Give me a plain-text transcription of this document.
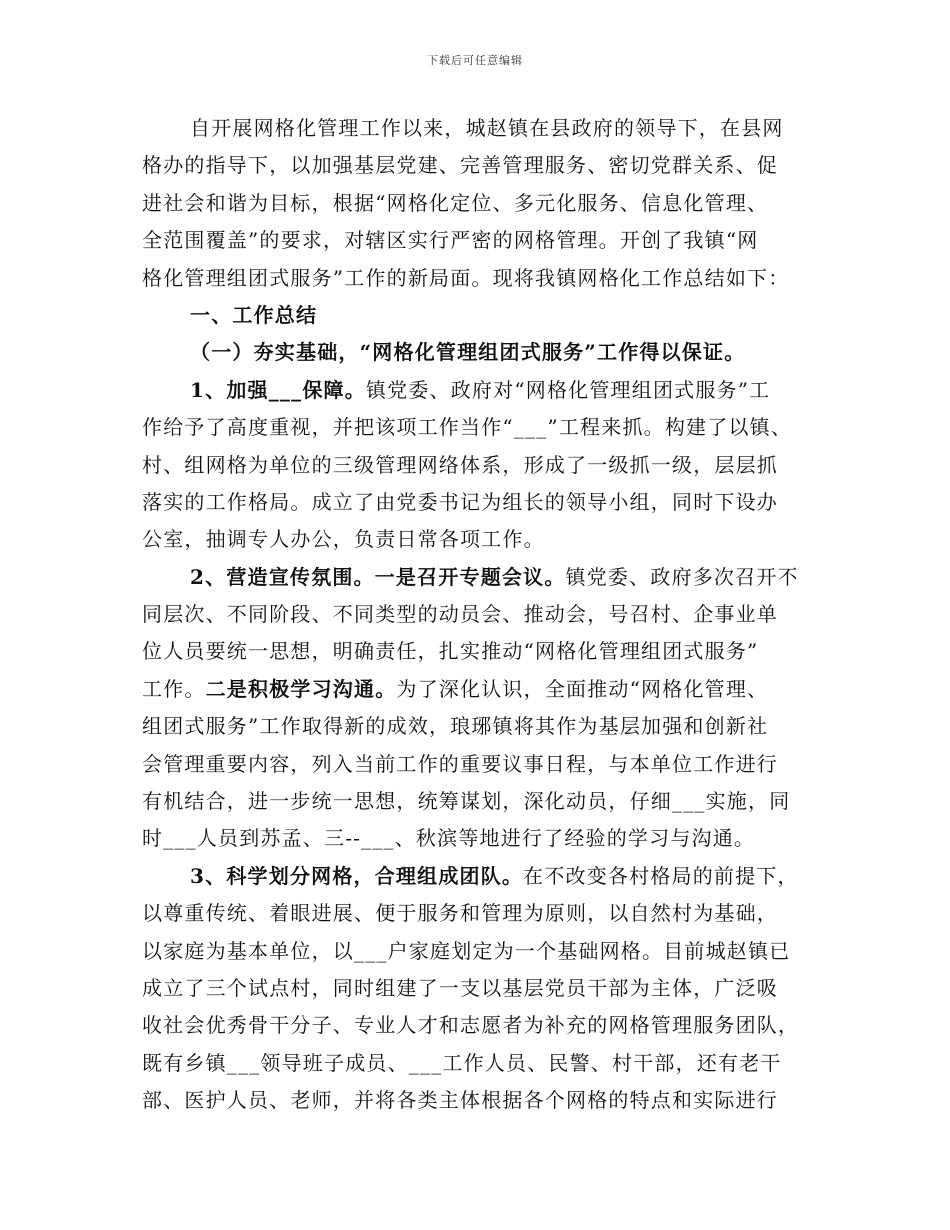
下载后可任意编辑
自开展网格化管理工作以来，城赵镇在县政府的领导下，在县网
格办的指导下，以加强基层党建、完善管理服务、密切党群关系、促
进社会和谐为目标，根据“网格化定位、多元化服务、信息化管理、
全范围覆盖”的要求，对辖区实行严密的网格管理。开创了我镇“网
格化管理组团式服务”工作的新局面。现将我镇网格化工作总结如下：
一、工作总结
（一）夯实基础，“网格化管理组团式服务”工作得以保证。
1、加强___保障。镇党委、政府对“网格化管理组团式服务”工
作给予了高度重视，并把该项工作当作“___”工程来抓。构建了以镇、
村、组网格为单位的三级管理网络体系，形成了一级抓一级，层层抓
落实的工作格局。成立了由党委书记为组长的领导小组，同时下设办
公室，抽调专人办公，负责日常各项工作。
2、营造宣传氛围。一是召开专题会议。镇党委、政府多次召开不
同层次、不同阶段、不同类型的动员会、推动会，号召村、企事业单
位人员要统一思想，明确责任，扎实推动“网格化管理组团式服务”
工作。二是积极学习沟通。为了深化认识，全面推动“网格化管理、
组团式服务”工作取得新的成效，琅琊镇将其作为基层加强和创新社
会管理重要内容，列入当前工作的重要议事日程，与本单位工作进行
有机结合，进一步统一思想，统筹谋划，深化动员，仔细___实施，同
时___人员到苏孟、三--___、秋滨等地进行了经验的学习与沟通。
3、科学划分网格，合理组成团队。在不改变各村格局的前提下，
以尊重传统、着眼进展、便于服务和管理为原则，以自然村为基础，
以家庭为基本单位，以___户家庭划定为一个基础网格。目前城赵镇已
成立了三个试点村，同时组建了一支以基层党员干部为主体，广泛吸
收社会优秀骨干分子、专业人才和志愿者为补充的网格管理服务团队，
既有乡镇___领导班子成员、___工作人员、民警、村干部，还有老干
部、医护人员、老师，并将各类主体根据各个网格的特点和实际进行
